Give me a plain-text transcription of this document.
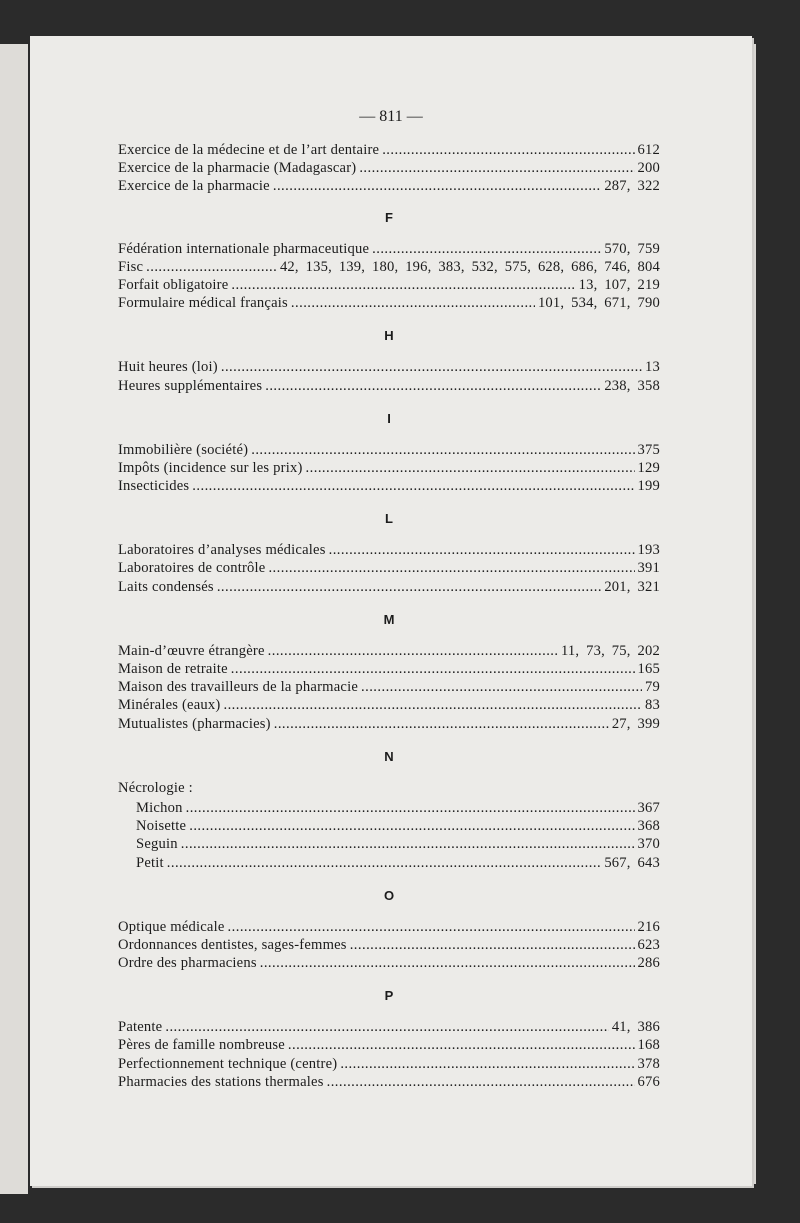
— 811 —
Exercice de la médecine et de l’art dentaire . . .	612
Exercice de la pharmacie (Madagascar) . . .	200
Exercice de la pharmacie . . .	287, 322
F
Fédération internationale pharmaceutique . . .	570, 759
Fisc . . .	42, 135, 139, 180, 196, 383, 532, 575, 628, 686, 746, 804
Forfait obligatoire . . .	13, 107, 219
Formulaire médical français . . .	101, 534, 671, 790
H
Huit heures (loi) . . .	13
Heures supplémentaires . . .	238, 358
I
Immobilière (société) . . .	375
Impôts (incidence sur les prix) . . .	129
Insecticides . . .	199
L
Laboratoires d’analyses médicales . . .	193
Laboratoires de contrôle . . .	391
Laits condensés . . .	201, 321
M
Main-d’œuvre étrangère . . .	11, 73, 75, 202
Maison de retraite . . .	165
Maison des travailleurs de la pharmacie . . .	79
Minérales (eaux) . . .	83
Mutualistes (pharmacies) . . .	27, 399
N
Nécrologie :
Michon . . .	367
Noisette . . .	368
Seguin . . .	370
Petit . . .	567, 643
O
Optique médicale . . .	216
Ordonnances dentistes, sages-femmes . . .	623
Ordre des pharmaciens . . .	286
P
Patente . . .	41, 386
Pères de famille nombreuse . . .	168
Perfectionnement technique (centre) . . .	378
Pharmacies des stations thermales . . .	676
